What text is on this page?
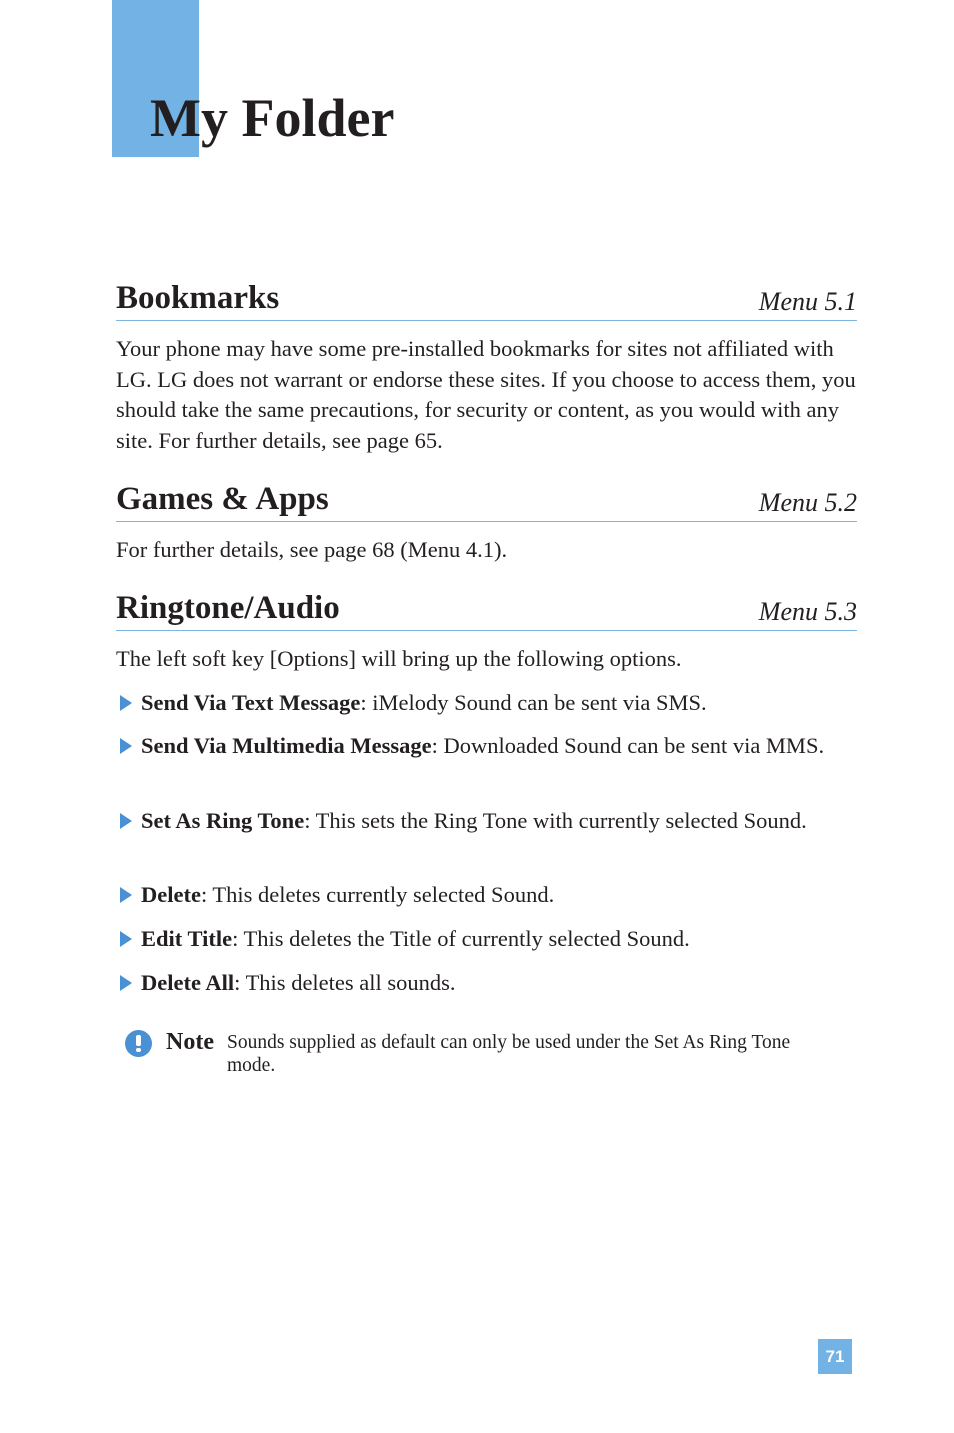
My Folder
Bookmarks	Menu 5.1

Your phone may have some pre-installed bookmarks for sites not affiliated with LG. LG does not warrant or endorse these sites. If you choose to access them, you should take the same precautions, for security or content, as you would with any site. For further details, see page 65.

Games & Apps	Menu 5.2

For further details, see page 68 (Menu 4.1).

Ringtone/Audio	Menu 5.3

The left soft key [Options] will bring up the following options.

Send Via Text Message: iMelody Sound can be sent via SMS.
Send Via Multimedia Message: Downloaded Sound can be sent via MMS.
Set As Ring Tone: This sets the Ring Tone with currently selected Sound.
Delete: This deletes currently selected Sound.
Edit Title: This deletes the Title of currently selected Sound.
Delete All: This deletes all sounds.
Note Sounds supplied as default can only be used under the Set As Ring Tone mode.

71
